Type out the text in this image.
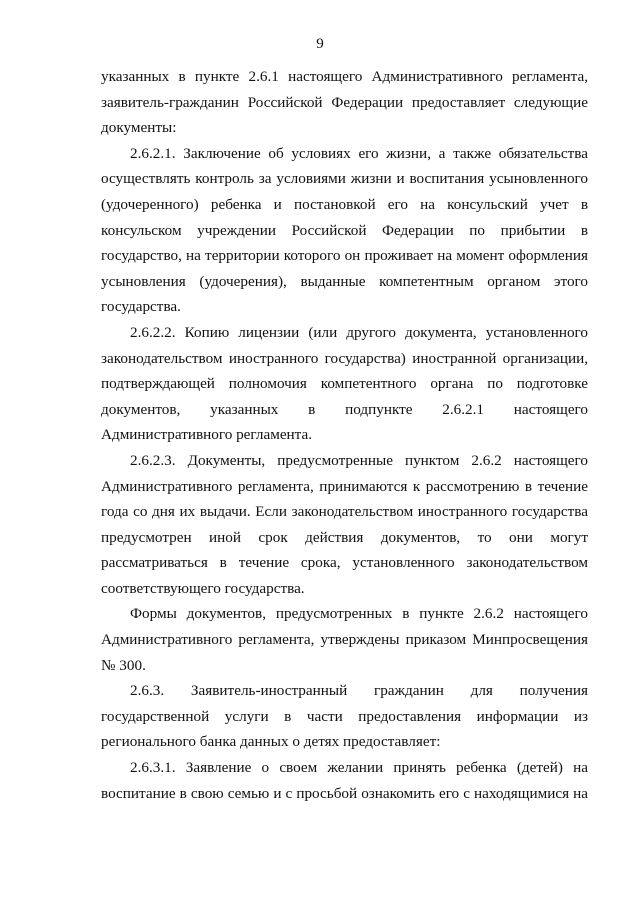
9

указанных в пункте 2.6.1 настоящего Административного регламента, заявитель-гражданин Российской Федерации предоставляет следующие документы:

2.6.2.1. Заключение об условиях его жизни, а также обязательства осуществлять контроль за условиями жизни и воспитания усыновленного (удочеренного) ребенка и постановкой его на консульский учет в консульском учреждении Российской Федерации по прибытии в государство, на территории которого он проживает на момент оформления усыновления (удочерения), выданные компетентным органом этого государства.

2.6.2.2. Копию лицензии (или другого документа, установленного законодательством иностранного государства) иностранной организации, подтверждающей полномочия компетентного органа по подготовке документов, указанных в подпункте 2.6.2.1 настоящего Административного регламента.

2.6.2.3. Документы, предусмотренные пунктом 2.6.2 настоящего Административного регламента, принимаются к рассмотрению в течение года со дня их выдачи. Если законодательством иностранного государства предусмотрен иной срок действия документов, то они могут рассматриваться в течение срока, установленного законодательством соответствующего государства.

Формы документов, предусмотренных в пункте 2.6.2 настоящего Административного регламента, утверждены приказом Минпросвещения № 300.

2.6.3. Заявитель-иностранный гражданин для получения государственной услуги в части предоставления информации из регионального банка данных о детях предоставляет:

2.6.3.1. Заявление о своем желании принять ребенка (детей) на воспитание в свою семью и с просьбой ознакомить его с находящимися на
